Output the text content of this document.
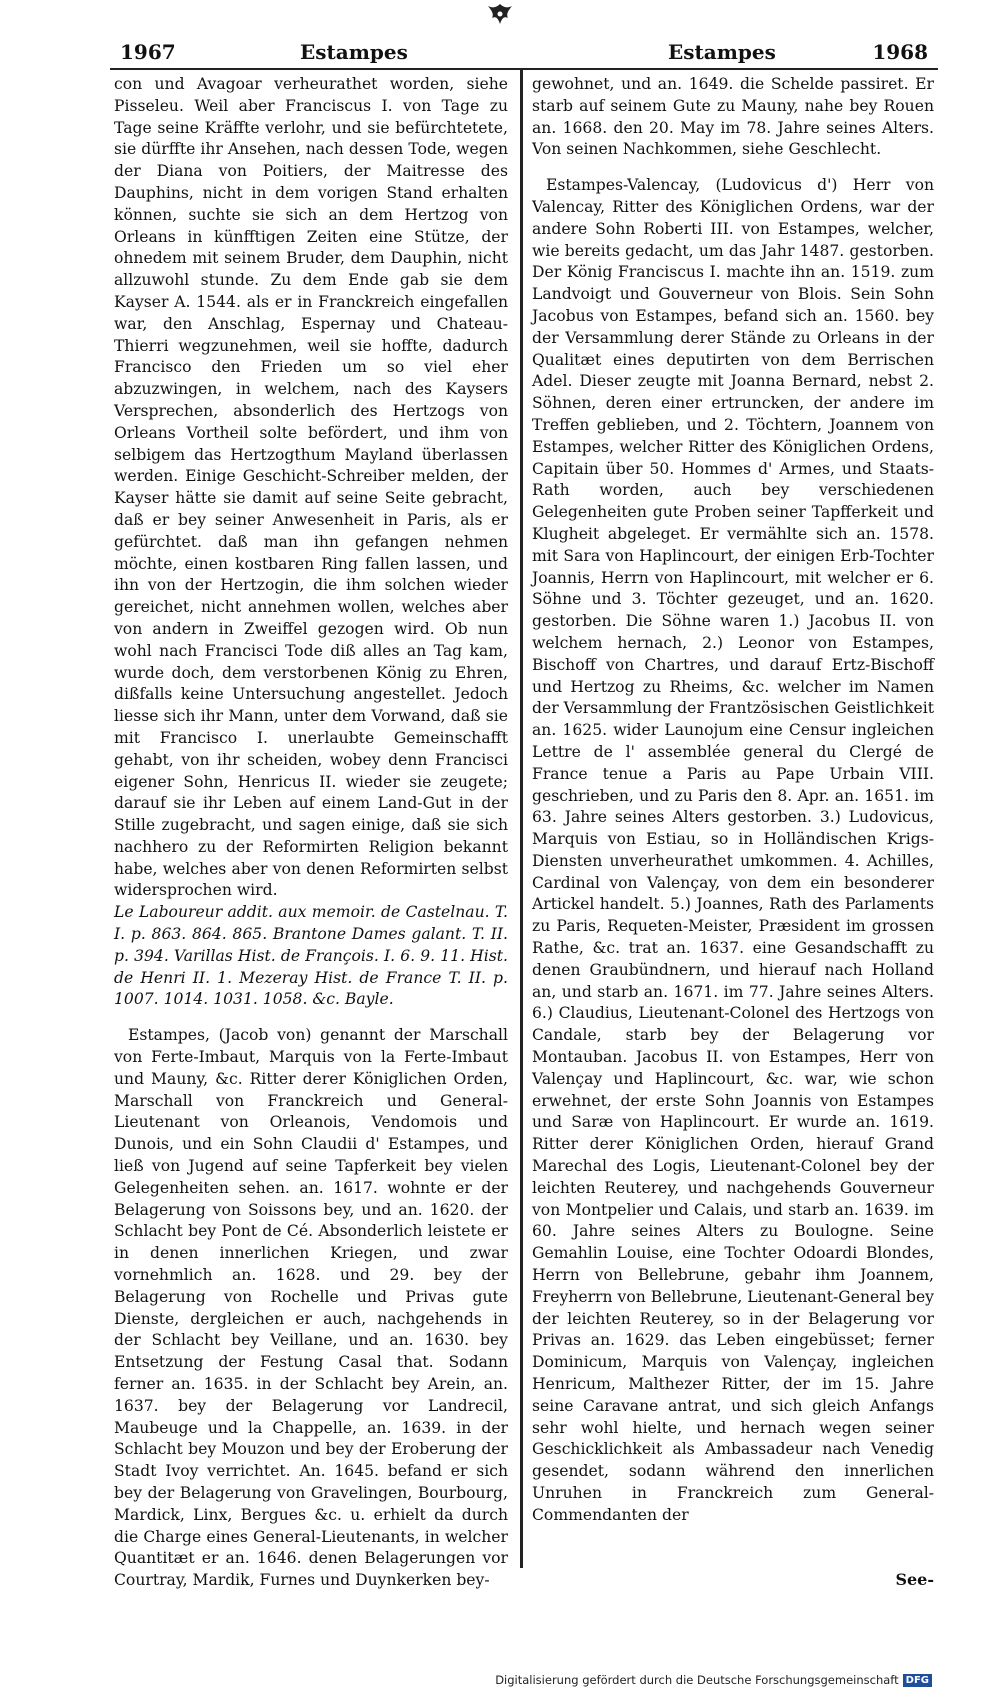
1967	Estampes	Estampes	1968

con und Avagoar verheurathet worden, siehe Pisseleu. Weil aber Franciscus I. von Tage zu Tage seine Kräffte verlohr, und sie befürchtetete, sie dürffte ihr Ansehen, nach dessen Tode, wegen der Diana von Poitiers, der Maitresse des Dauphins, nicht in dem vorigen Stand erhalten können, suchte sie sich an dem Hertzog von Orleans in künfftigen Zeiten eine Stütze, der ohnedem mit seinem Bruder, dem Dauphin, nicht allzuwohl stunde. Zu dem Ende gab sie dem Kayser A. 1544. als er in Franckreich eingefallen war, den Anschlag, Espernay und Chateau-Thierri wegzunehmen, weil sie hoffte, dadurch Francisco den Frieden um so viel eher abzuzwingen, in welchem, nach des Kaysers Versprechen, absonderlich des Hertzogs von Orleans Vortheil solte befördert, und ihm von selbigem das Hertzogthum Mayland überlassen werden. Einige Geschicht-Schreiber melden, der Kayser hätte sie damit auf seine Seite gebracht, daß er bey seiner Anwesenheit in Paris, als er gefürchtet. daß man ihn gefangen nehmen möchte, einen kostbaren Ring fallen lassen, und ihn von der Hertzogin, die ihm solchen wieder gereichet, nicht annehmen wollen, welches aber von andern in Zweiffel gezogen wird. Ob nun wohl nach Francisci Tode diß alles an Tag kam, wurde doch, dem verstorbenen König zu Ehren, dißfalls keine Untersuchung angestellet. Jedoch liesse sich ihr Mann, unter dem Vorwand, daß sie mit Francisco I. unerlaubte Gemeinschafft gehabt, von ihr scheiden, wobey denn Francisci eigener Sohn, Henricus II. wieder sie zeugete; darauf sie ihr Leben auf einem Land-Gut in der Stille zugebracht, und sagen einige, daß sie sich nachhero zu der Reformirten Religion bekannt habe, welches aber von denen Reformirten selbst widersprochen wird.

Le Laboureur addit. aux memoir. de Castelnau. T. I. p. 863. 864. 865. Brantone Dames galant. T. II. p. 394. Varillas Hist. de François. I. 6. 9. 11. Hist. de Henri II. 1. Mezeray Hist. de France T. II. p. 1007. 1014. 1031. 1058. &c. Bayle.

Estampes, (Jacob von) genannt der Marschall von Ferte-Imbaut, Marquis von la Ferte-Imbaut und Mauny, &c. Ritter derer Königlichen Orden, Marschall von Franckreich und General-Lieutenant von Orleanois, Vendomois und Dunois, und ein Sohn Claudii d' Estampes, und ließ von Jugend auf seine Tapferkeit bey vielen Gelegenheiten sehen. an. 1617. wohnte er der Belagerung von Soissons bey, und an. 1620. der Schlacht bey Pont de Cé. Absonderlich leistete er in denen innerlichen Kriegen, und zwar vornehmlich an. 1628. und 29. bey der Belagerung von Rochelle und Privas gute Dienste, dergleichen er auch, nachgehends in der Schlacht bey Veillane, und an. 1630. bey Entsetzung der Festung Casal that. Sodann ferner an. 1635. in der Schlacht bey Arein, an. 1637. bey der Belagerung vor Landrecil, Maubeuge und la Chappelle, an. 1639. in der Schlacht bey Mouzon und bey der Eroberung der Stadt Ivoy verrichtet. An. 1645. befand er sich bey der Belagerung von Gravelingen, Bourbourg, Mardick, Linx, Bergues &c. u. erhielt da durch die Charge eines General-Lieutenants, in welcher Quantitæt er an. 1646. denen Belagerungen vor Courtray, Mardik, Furnes und Duynkerken bey-

gewohnet, und an. 1649. die Schelde passiret. Er starb auf seinem Gute zu Mauny, nahe bey Rouen an. 1668. den 20. May im 78. Jahre seines Alters. Von seinen Nachkommen, siehe Geschlecht.

Estampes-Valencay, (Ludovicus d') Herr von Valencay, Ritter des Königlichen Ordens, war der andere Sohn Roberti III. von Estampes, welcher, wie bereits gedacht, um das Jahr 1487. gestorben. Der König Franciscus I. machte ihn an. 1519. zum Landvoigt und Gouverneur von Blois. Sein Sohn Jacobus von Estampes, befand sich an. 1560. bey der Versammlung derer Stände zu Orleans in der Qualitæt eines deputirten von dem Berrischen Adel. Dieser zeugte mit Joanna Bernard, nebst 2. Söhnen, deren einer ertruncken, der andere im Treffen geblieben, und 2. Töchtern, Joannem von Estampes, welcher Ritter des Königlichen Ordens, Capitain über 50. Hommes d' Armes, und Staats-Rath worden, auch bey verschiedenen Gelegenheiten gute Proben seiner Tapfferkeit und Klugheit abgeleget. Er vermählte sich an. 1578. mit Sara von Haplincourt, der einigen Erb-Tochter Joannis, Herrn von Haplincourt, mit welcher er 6. Söhne und 3. Töchter gezeuget, und an. 1620. gestorben. Die Söhne waren 1.) Jacobus II. von welchem hernach, 2.) Leonor von Estampes, Bischoff von Chartres, und darauf Ertz-Bischoff und Hertzog zu Rheims, &c. welcher im Namen der Versammlung der Frantzösischen Geistlichkeit an. 1625. wider Launojum eine Censur ingleichen Lettre de l' assemblée general du Clergé de France tenue a Paris au Pape Urbain VIII. geschrieben, und zu Paris den 8. Apr. an. 1651. im 63. Jahre seines Alters gestorben. 3.) Ludovicus, Marquis von Estiau, so in Holländischen Krigs-Diensten unverheurathet umkommen. 4. Achilles, Cardinal von Valençay, von dem ein besonderer Artickel handelt. 5.) Joannes, Rath des Parlaments zu Paris, Requeten-Meister, Præsident im grossen Rathe, &c. trat an. 1637. eine Gesandschafft zu denen Graubündnern, und hierauf nach Holland an, und starb an. 1671. im 77. Jahre seines Alters. 6.) Claudius, Lieutenant-Colonel des Hertzogs von Candale, starb bey der Belagerung vor Montauban. Jacobus II. von Estampes, Herr von Valençay und Haplincourt, &c. war, wie schon erwehnet, der erste Sohn Joannis von Estampes und Saræ von Haplincourt. Er wurde an. 1619. Ritter derer Königlichen Orden, hierauf Grand Marechal des Logis, Lieutenant-Colonel bey der leichten Reuterey, und nachgehends Gouverneur von Montpelier und Calais, und starb an. 1639. im 60. Jahre seines Alters zu Boulogne. Seine Gemahlin Louise, eine Tochter Odoardi Blondes, Herrn von Bellebrune, gebahr ihm Joannem, Freyherrn von Bellebrune, Lieutenant-General bey der leichten Reuterey, so in der Belagerung vor Privas an. 1629. das Leben eingebüsset; ferner Dominicum, Marquis von Valençay, ingleichen Henricum, Malthezer Ritter, der im 15. Jahre seine Caravane antrat, und sich gleich Anfangs sehr wohl hielte, und hernach wegen seiner Geschicklichkeit als Ambassadeur nach Venedig gesendet, sodann während den innerlichen Unruhen in Franckreich zum General-Commendanten der

See-
Digitalisierung gefördert durch die Deutsche Forschungsgemeinschaft DFG
